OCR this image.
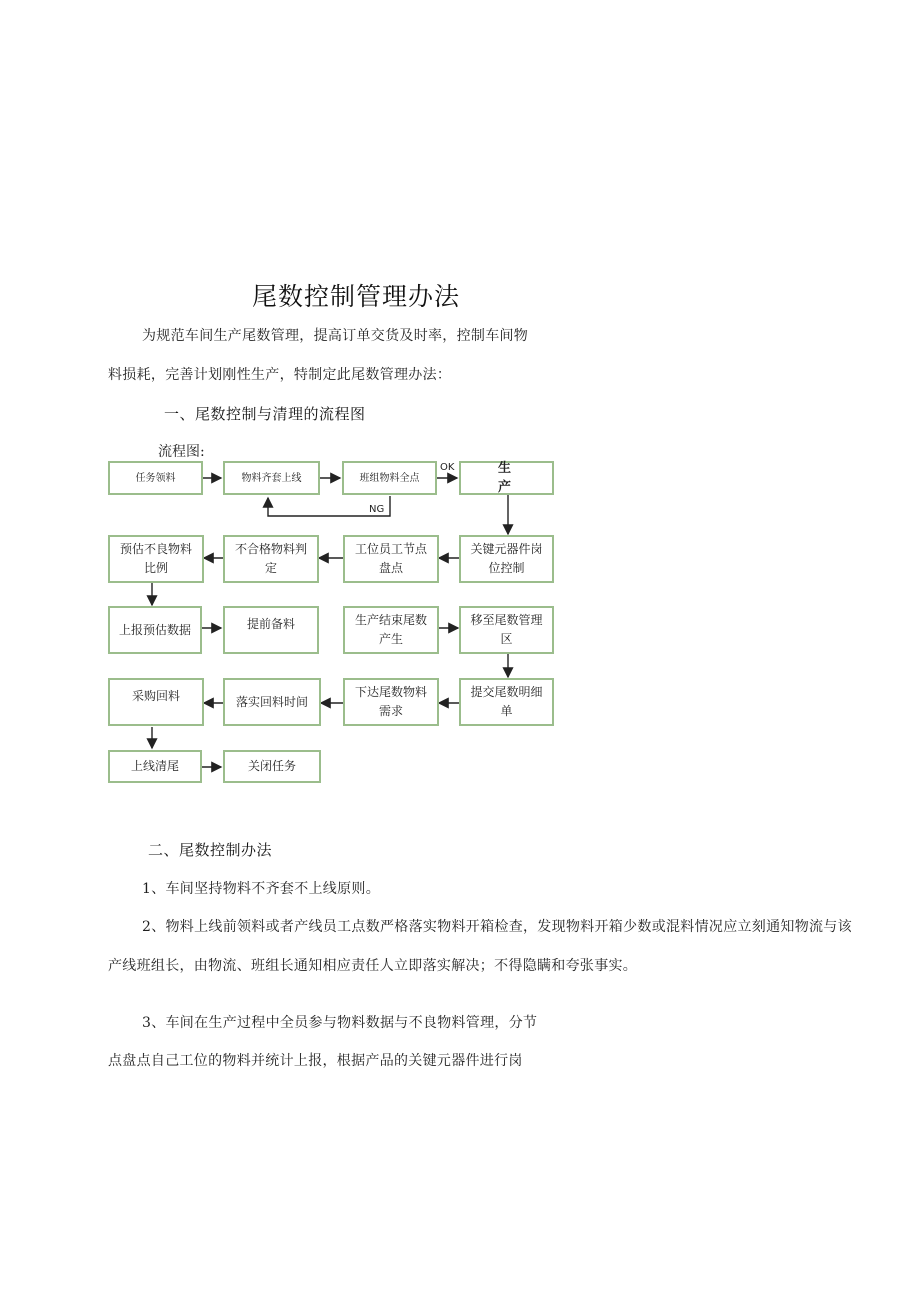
尾数控制管理办法
为规范车间生产尾数管理，提高订单交货及时率，控制车间物
料损耗，完善计划刚性生产，特制定此尾数管理办法：
一、尾数控制与清理的流程图
流程图:
OK
NG
任务领料	物料齐套上线	班组物料全点
生 产
关键元器件岗位控制
工位员工节点盘点
不合格物料判定
预估不良物料比例
上报预估数据	提前备料	生产结束尾数产生
移至尾数管理区
提交尾数明细单
下达尾数物料需求
落实回料时间
采购回料
上线清尾	关闭任务
二、尾数控制办法
1、车间坚持物料不齐套不上线原则。
2、物料上线前领料或者产线员工点数严格落实物料开箱检查，发现物料开箱少数或混料情况应立刻通知物流与该
产线班组长，由物流、班组长通知相应责任人立即落实解决；不得隐瞒和夸张事实。
3、车间在生产过程中全员参与物料数据与不良物料管理，分节
点盘点自己工位的物料并统计上报，根据产品的关键元器件进行岗
